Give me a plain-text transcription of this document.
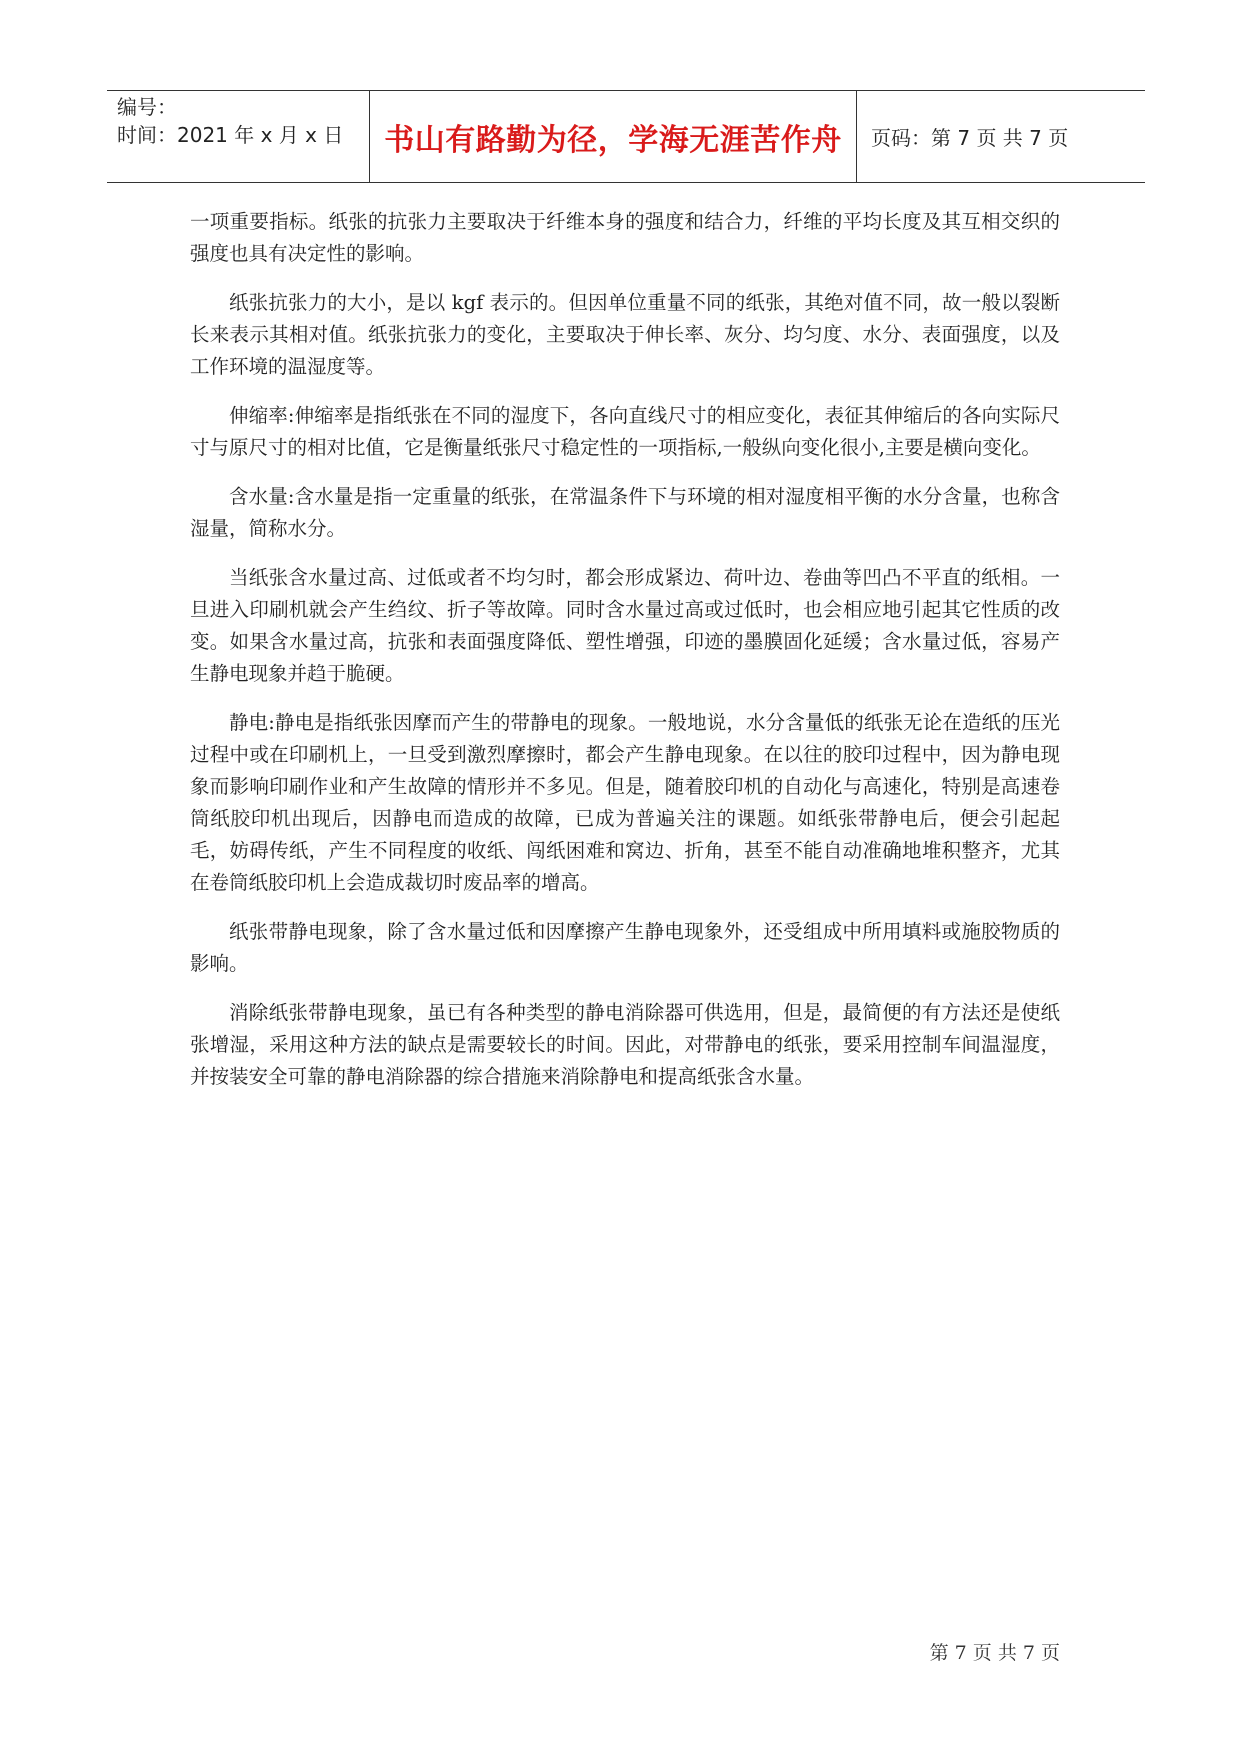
编号：
时间：2021 年 x 月 x 日	书山有路勤为径，学海无涯苦作舟 页码：第 7 页 共 7 页

一项重要指标。纸张的抗张力主要取决于纤维本身的强度和结合力，纤维的平均长度及其互相交织的强度也具有决定性的影响。

纸张抗张力的大小，是以 kgf 表示的。但因单位重量不同的纸张，其绝对值不同，故一般以裂断长来表示其相对值。纸张抗张力的变化，主要取决于伸长率、灰分、均匀度、水分、表面强度，以及工作环境的温湿度等。

伸缩率:伸缩率是指纸张在不同的湿度下，各向直线尺寸的相应变化，表征其伸缩后的各向实际尺寸与原尺寸的相对比值，它是衡量纸张尺寸稳定性的一项指标,一般纵向变化很小,主要是横向变化。

含水量:含水量是指一定重量的纸张，在常温条件下与环境的相对湿度相平衡的水分含量，也称含湿量，简称水分。

当纸张含水量过高、过低或者不均匀时，都会形成紧边、荷叶边、卷曲等凹凸不平直的纸相。一旦进入印刷机就会产生绉纹、折子等故障。同时含水量过高或过低时，也会相应地引起其它性质的改变。如果含水量过高，抗张和表面强度降低、塑性增强，印迹的墨膜固化延缓；含水量过低，容易产生静电现象并趋于脆硬。

静电:静电是指纸张因摩而产生的带静电的现象。一般地说，水分含量低的纸张无论在造纸的压光过程中或在印刷机上，一旦受到激烈摩擦时，都会产生静电现象。在以往的胶印过程中，因为静电现象而影响印刷作业和产生故障的情形并不多见。但是，随着胶印机的自动化与高速化，特别是高速卷筒纸胶印机出现后，因静电而造成的故障，已成为普遍关注的课题。如纸张带静电后，便会引起起毛，妨碍传纸，产生不同程度的收纸、闯纸困难和窝边、折角，甚至不能自动准确地堆积整齐，尤其在卷筒纸胶印机上会造成裁切时废品率的增高。

纸张带静电现象，除了含水量过低和因摩擦产生静电现象外，还受组成中所用填料或施胶物质的影响。

消除纸张带静电现象，虽已有各种类型的静电消除器可供选用，但是，最简便的有方法还是使纸张增湿，采用这种方法的缺点是需要较长的时间。因此，对带静电的纸张，要采用控制车间温湿度，并按装安全可靠的静电消除器的综合措施来消除静电和提高纸张含水量。

第 7 页 共 7 页
